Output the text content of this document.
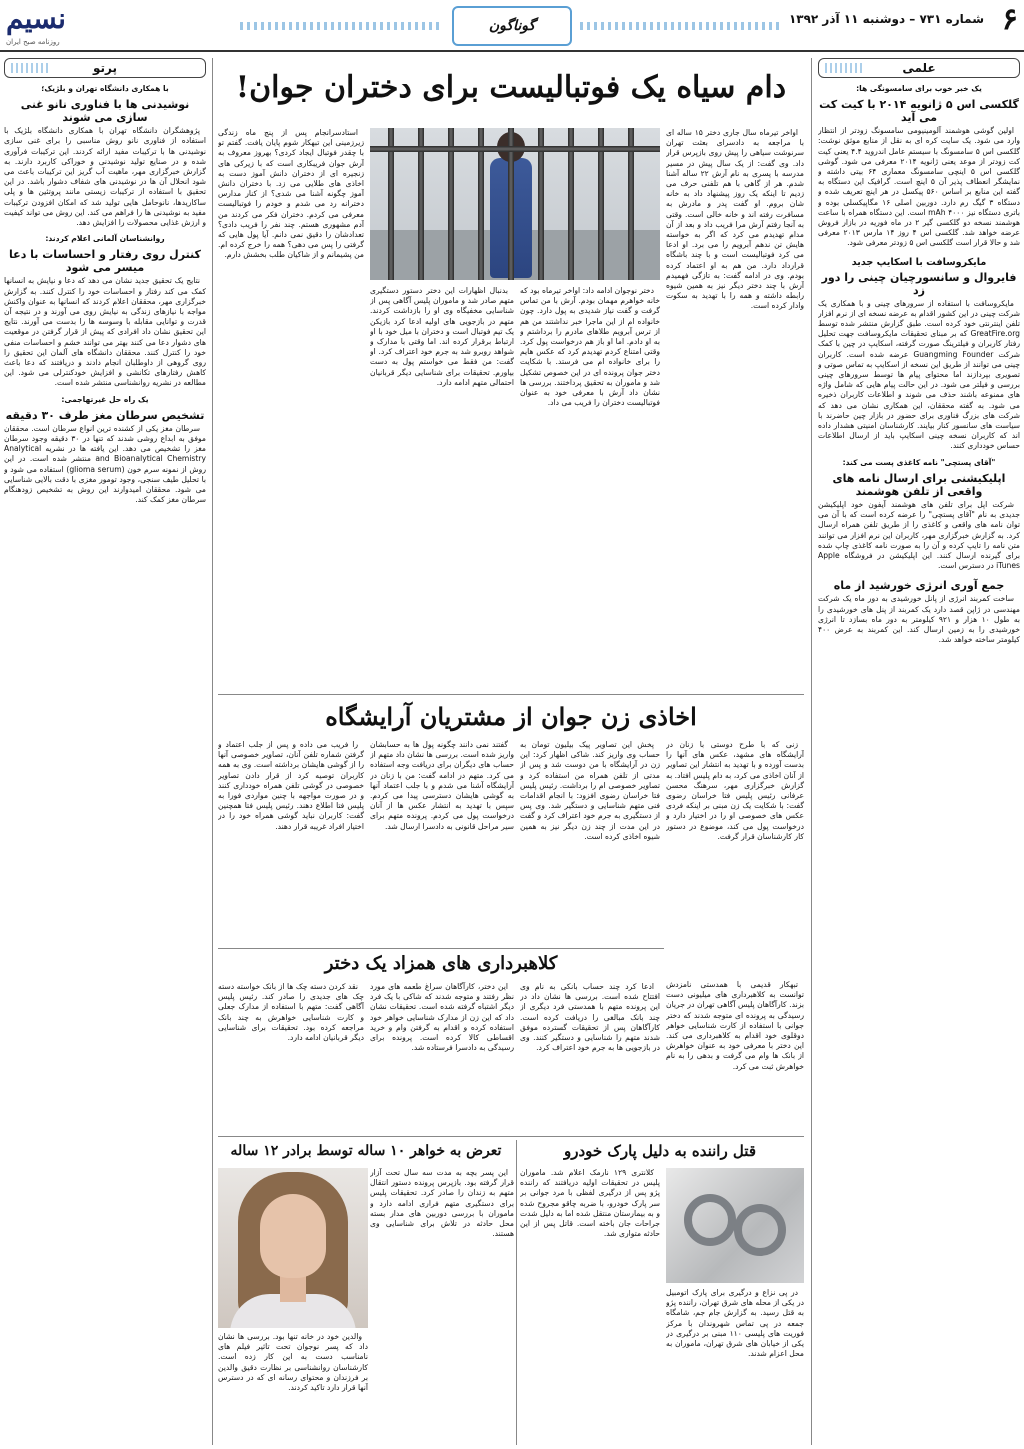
۶
شماره ۷۳۱ – دوشنبه ۱۱ آذر ۱۳۹۲
گوناگون
نسیم
روزنامه صبح ایران
علمی
یک خبر خوب برای سامسونگی ها:
گلکسی اس ۵ ژانویه ۲۰۱۴ با کیت کت می آید

اولین گوشی هوشمند آلومینیومی سامسونگ زودتر از انتظار وارد می شود. یک سایت کره ای به نقل از منابع موثق نوشت: گلکسی اس ۵ سامسونگ با سیستم عامل اندروید ۴.۴ یعنی کیت کت زودتر از موعد یعنی ژانویه ۲۰۱۴ معرفی می شود. گوشی گلکسی اس ۵ اینچی سامسونگ معماری ۶۴ بیتی داشته و نمایشگر انعطاف پذیر آن ۵ اینچ است. گرافیک این دستگاه به گفته این منابع بر اساس ۵۶۰ پیکسل در هر اینچ تعریف شده و دستگاه ۳ گیگ رم دارد. دوربین اصلی ۱۶ مگاپیکسلی بوده و باتری دستگاه نیز ۴۰۰۰ mAh است. این دستگاه همراه با ساعت هوشمند نسخه دو گلکسی گیر ۲ در ماه فوریه در بازار فروش عرضه خواهد شد. گلکسی اس ۴ روز ۱۴ مارس ۲۰۱۳ معرفی شد و حالا قرار است گلکسی اس ۵ زودتر معرفی شود.

مایکروسافت با اسکایپ جدید
فایروال و سانسورچیان چینی را دور زد

مایکروسافت با استفاده از سرورهای چینی و با همکاری یک شرکت چینی در این کشور اقدام به عرضه نسخه ای از نرم افزار تلفن اینترنتی خود کرده است. طبق گزارش منتشر شده توسط GreatFire.org که بر مبنای تحقیقات مایکروسافت جهت تحلیل رفتار کاربران و فیلترینگ صورت گرفته، اسکایپ در چین با کمک شرکت Guangming Founder عرضه شده است. کاربران چینی می توانند از طریق این نسخه از اسکایپ به تماس صوتی و تصویری بپردازند اما محتوای پیام ها توسط سرورهای چینی بررسی و فیلتر می شود. در این حالت پیام هایی که شامل واژه های ممنوعه باشند حذف می شوند و اطلاعات کاربران ذخیره می شود. به گفته محققان، این همکاری نشان می دهد که شرکت های بزرگ فناوری برای حضور در بازار چین حاضرند با سیاست های سانسور کنار بیایند. کارشناسان امنیتی هشدار داده اند که کاربران نسخه چینی اسکایپ باید از ارسال اطلاعات حساس خودداری کنند.

"آقای پستچی" نامه کاغذی پست می کند:
اپلیکیشنی برای ارسال نامه های واقعی از تلفن هوشمند

شرکت اپل برای تلفن های هوشمند آیفون خود اپلیکیشن جدیدی به نام "آقای پستچی" را عرضه کرده است که با آن می توان نامه های واقعی و کاغذی را از طریق تلفن همراه ارسال کرد. به گزارش خبرگزاری مهر، کاربران این نرم افزار می توانند متن نامه را تایپ کرده و آن را به صورت نامه کاغذی چاپ شده برای گیرنده ارسال کنند. این اپلیکیشن در فروشگاه Apple iTunes در دسترس است.

جمع آوری انرژی خورشید از ماه

ساخت کمربند انرژی از پانل خورشیدی به دور ماه یک شرکت مهندسی در ژاپن قصد دارد یک کمربند از پنل های خورشیدی را به طول ۱۰ هزار و ۹۲۱ کیلومتر به دور ماه بسازد تا انرژی خورشیدی را به زمین ارسال کند. این کمربند به عرض ۴۰۰ کیلومتر ساخته خواهد شد.

پرتو
با همکاری دانشگاه تهران و بلژیک؛
نوشیدنی ها با فناوری نانو غنی سازی می شوند

پژوهشگران دانشگاه تهران با همکاری دانشگاه بلژیک با استفاده از فناوری نانو روش مناسبی را برای غنی سازی نوشیدنی ها با ترکیبات مفید ارائه کردند. این ترکیبات فرآوری شده و در صنایع تولید نوشیدنی و خوراکی کاربرد دارند. به گزارش خبرگزاری مهر، ماهیت آب گریز این ترکیبات باعث می شود انحلال آن ها در نوشیدنی های شفاف دشوار باشد. در این تحقیق با استفاده از ترکیبات زیستی مانند پروتئین ها و پلی ساکاریدها، نانوحامل هایی تولید شد که امکان افزودن ترکیبات مفید به نوشیدنی ها را فراهم می کند. این روش می تواند کیفیت و ارزش غذایی محصولات را افزایش دهد.

روانشناسان آلمانی اعلام کردند:
کنترل روی رفتار و احساسات با دعا میسر می شود

نتایج یک تحقیق جدید نشان می دهد که دعا و نیایش به انسانها کمک می کند رفتار و احساسات خود را کنترل کنند. به گزارش خبرگزاری مهر، محققان اعلام کردند که انسانها به عنوان واکنش مواجه با نیازهای زندگی به نیایش روی می آورند و در نتیجه آن قدرت و توانایی مقابله با وسوسه ها را بدست می آورند. نتایج این تحقیق نشان داد افرادی که پیش از قرار گرفتن در موقعیت های دشوار دعا می کنند بهتر می توانند خشم و احساسات منفی خود را کنترل کنند. محققان دانشگاه های آلمان این تحقیق را روی گروهی از داوطلبان انجام دادند و دریافتند که دعا باعث کاهش رفتارهای تکانشی و افزایش خودکنترلی می شود. این مطالعه در نشریه روانشناسی منتشر شده است.

یک راه حل غیرتهاجمی:
تشخیص سرطان مغز طرف ۳۰ دقیقه

سرطان مغز یکی از کشنده ترین انواع سرطان است. محققان موفق به ابداع روشی شدند که تنها در ۳۰ دقیقه وجود سرطان مغز را تشخیص می دهد. این یافته ها در نشریه Analytical and Bioanalytical Chemistry منتشر شده است. در این روش از نمونه سرم خون (glioma serum) استفاده می شود و با تحلیل طیف سنجی، وجود تومور مغزی با دقت بالایی شناسایی می شود. محققان امیدوارند این روش به تشخیص زودهنگام سرطان مغز کمک کند.

دام سیاه یک فوتبالیست برای دختران جوان!

اواخر تیرماه سال جاری دختر ۱۵ ساله ای با مراجعه به دادسرای بعثت تهران سرنوشت سیاهی را پیش روی بازپرس قرار داد. وی گفت: از یک سال پیش در مسیر مدرسه با پسری به نام آرش ۲۲ ساله آشنا شدم. هر از گاهی با هم تلفنی حرف می زدیم تا اینکه یک روز پیشنهاد داد به خانه شان بروم. او گفت پدر و مادرش به مسافرت رفته اند و خانه خالی است. وقتی به آنجا رفتم آرش مرا فریب داد و بعد از آن مدام تهدیدم می کرد که اگر به خواسته هایش تن ندهم آبرویم را می برد. او ادعا می کرد فوتبالیست است و با چند باشگاه قرارداد دارد. من هم به او اعتماد کرده بودم. وی در ادامه گفت: به تازگی فهمیدم آرش با چند دختر دیگر نیز به همین شیوه رابطه داشته و همه را با تهدید به سکوت وادار کرده است.

دختر نوجوان ادامه داد: اواخر تیرماه بود که خانه خواهرم مهمان بودم. آرش با من تماس گرفت و گفت نیاز شدیدی به پول دارد. چون خانواده ام از این ماجرا خبر نداشتند من هم از ترس آبرویم طلاهای مادرم را برداشتم و به او دادم. اما او باز هم درخواست پول کرد. وقتی امتناع کردم تهدیدم کرد که عکس هایم را برای خانواده ام می فرستد. با شکایت دختر جوان پرونده ای در این خصوص تشکیل شد و ماموران به تحقیق پرداختند. بررسی ها نشان داد آرش با معرفی خود به عنوان فوتبالیست دختران را فریب می داد.

بدنبال اظهارات این دختر دستور دستگیری متهم صادر شد و ماموران پلیس آگاهی پس از شناسایی مخفیگاه وی او را بازداشت کردند. متهم در بازجویی های اولیه ادعا کرد بازیکن یک تیم فوتبال است و دختران با میل خود با او ارتباط برقرار کرده اند. اما وقتی با مدارک و شواهد روبرو شد به جرم خود اعتراف کرد. او گفت: من فقط می خواستم پول به دست بیاورم. تحقیقات برای شناسایی دیگر قربانیان احتمالی متهم ادامه دارد.

استادسرانجام پس از پنج ماه زندگی زیرزمینی این تبهکار شوم پایان یافت. گفتم تو با چقدر فوتبال ایجاد کردی؟ بهروز معروف به آرش جوان فریبکاری است که با زیرکی های زنجیره ای از دختران دانش آموز دست به اخاذی های طلایی می زد. با دختران دانش آموز چگونه آشنا می شدی؟ از کنار مدارس دخترانه رد می شدم و خودم را فوتبالیست معرفی می کردم. دختران فکر می کردند من آدم مشهوری هستم. چند نفر را فریب دادی؟ تعدادشان را دقیق نمی دانم. آیا پول هایی که گرفتی را پس می دهی؟ همه را خرج کرده ام. من پشیمانم و از شاکیان طلب بخشش دارم.

اخاذی زن جوان از مشتریان آرایشگاه

زنی که با طرح دوستی با زنان در آرایشگاه های مشهد، عکس های آنها را بدست آورده و با تهدید به انتشار این تصاویر از آنان اخاذی می کرد، به دام پلیس افتاد. به گزارش خبرگزاری مهر، سرهنگ محسن عرفانی رئیس پلیس فتا خراسان رضوی گفت: با شکایت یک زن مبنی بر اینکه فردی عکس های خصوصی او را در اختیار دارد و درخواست پول می کند، موضوع در دستور کار کارشناسان قرار گرفت.

پخش این تصاویر پیک بیلیون تومان به حساب وی واریز کند. شاکی اظهار کرد: این زن در آرایشگاه با من دوست شد و پس از مدتی از تلفن همراه من استفاده کرد و تصاویر خصوصی ام را برداشت. رئیس پلیس فتا خراسان رضوی افزود: با انجام اقدامات فنی متهم شناسایی و دستگیر شد. وی پس از دستگیری به جرم خود اعتراف کرد و گفت در این مدت از چند زن دیگر نیز به همین شیوه اخاذی کرده است.

گفتند نمی دانند چگونه پول ها به حسابشان واریز شده است. بررسی ها نشان داد متهم از حساب های دیگران برای دریافت وجه استفاده می کرد. متهم در ادامه گفت: من با زنان در آرایشگاه آشنا می شدم و با جلب اعتماد آنها به گوشی هایشان دسترسی پیدا می کردم. سپس با تهدید به انتشار عکس ها از آنان درخواست پول می کردم. پرونده متهم برای سیر مراحل قانونی به دادسرا ارسال شد.

را فریب می داده و پس از جلب اعتماد و گرفتن شماره تلفن آنان، تصاویر خصوصی آنها را از گوشی هایشان برداشته است. وی به همه کاربران توصیه کرد از قرار دادن تصاویر خصوصی در گوشی تلفن همراه خودداری کنند و در صورت مواجهه با چنین مواردی فورا به پلیس فتا اطلاع دهند. رئیس پلیس فتا همچنین گفت: کاربران نباید گوشی همراه خود را در اختیار افراد غریبه قرار دهند.

کلاهبرداری های همزاد یک دختر

تبهکار قدیمی با همدستی نامزدش توانست به کلاهبرداری های میلیونی دست بزند. کارآگاهان پلیس آگاهی تهران در جریان رسیدگی به پرونده ای متوجه شدند که دختر جوانی با استفاده از کارت شناسایی خواهر دوقلوی خود اقدام به کلاهبرداری می کند. این دختر با معرفی خود به عنوان خواهرش از بانک ها وام می گرفت و بدهی را به نام خواهرش ثبت می کرد.

ادعا کرد چند حساب بانکی به نام وی افتتاح شده است. بررسی ها نشان داد در این پرونده متهم با همدستی فرد دیگری از چند بانک مبالغی را دریافت کرده است. کارآگاهان پس از تحقیقات گسترده موفق شدند متهم را شناسایی و دستگیر کنند. وی در بازجویی ها به جرم خود اعتراف کرد.

این دختر، کارآگاهان سراغ طعمه های مورد نظر رفتند و متوجه شدند که شاکی با یک فرد دیگر اشتباه گرفته شده است. تحقیقات نشان داد که این زن از مدارک شناسایی خواهر خود استفاده کرده و اقدام به گرفتن وام و خرید اقساطی کالا کرده است. پرونده برای رسیدگی به دادسرا فرستاده شد.

نقد کردن دسته چک ها از بانک خواسته دسته چک های جدیدی را صادر کند. رئیس پلیس آگاهی گفت: متهم با استفاده از مدارک جعلی و کارت شناسایی خواهرش به چند بانک مراجعه کرده بود. تحقیقات برای شناسایی دیگر قربانیان ادامه دارد.

قتل راننده به دلیل پارک خودرو

در پی نزاع و درگیری برای پارک اتومبیل در یکی از محله های شرق تهران، راننده پژو به قتل رسید. به گزارش جام جم، شامگاه جمعه در پی تماس شهروندان با مرکز فوریت های پلیسی ۱۱۰ مبنی بر درگیری در یکی از خیابان های شرق تهران، ماموران به محل اعزام شدند.

کلانتری ۱۲۹ نارمک اعلام شد. ماموران پلیس در تحقیقات اولیه دریافتند که راننده پژو پس از درگیری لفظی با مرد جوانی بر سر پارک خودرو، با ضربه چاقو مجروح شده و به بیمارستان منتقل شده اما به دلیل شدت جراحات جان باخته است. قاتل پس از این حادثه متواری شد.

این پسر بچه به مدت سه سال تحت آزار قرار گرفته بود. بازپرس پرونده دستور انتقال متهم به زندان را صادر کرد. تحقیقات پلیس برای دستگیری متهم فراری ادامه دارد و ماموران با بررسی دوربین های مدار بسته محل حادثه در تلاش برای شناسایی وی هستند.

تعرض به خواهر ۱۰ ساله توسط برادر ۱۲ ساله

والدین خود در خانه تنها بود. بررسی ها نشان داد که پسر نوجوان تحت تاثیر فیلم های نامناسب دست به این کار زده است. کارشناسان روانشناسی بر نظارت دقیق والدین بر فرزندان و محتوای رسانه ای که در دسترس آنها قرار دارد تاکید کردند.
